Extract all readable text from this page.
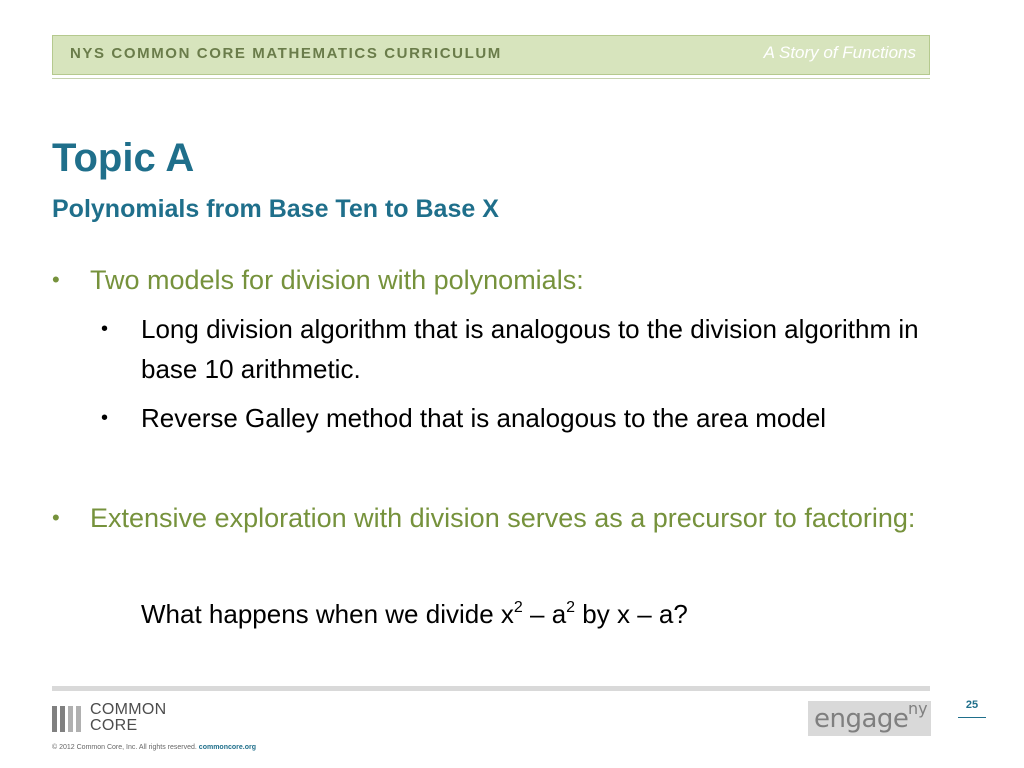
NYS COMMON CORE MATHEMATICS CURRICULUM	A Story of Functions
Topic A
Polynomials from Base Ten to Base X
• Two models for division with polynomials:
• Long division algorithm that is analogous to the division algorithm in base 10 arithmetic.
• Reverse Galley method that is analogous to the area model
• Extensive exploration with division serves as a precursor to factoring:
What happens when we divide $x^2 - a^2$ by x – a?
COMMON
CORE
© 2012 Common Core, Inc. All rights reserved. commoncore.org
engage ny	25
